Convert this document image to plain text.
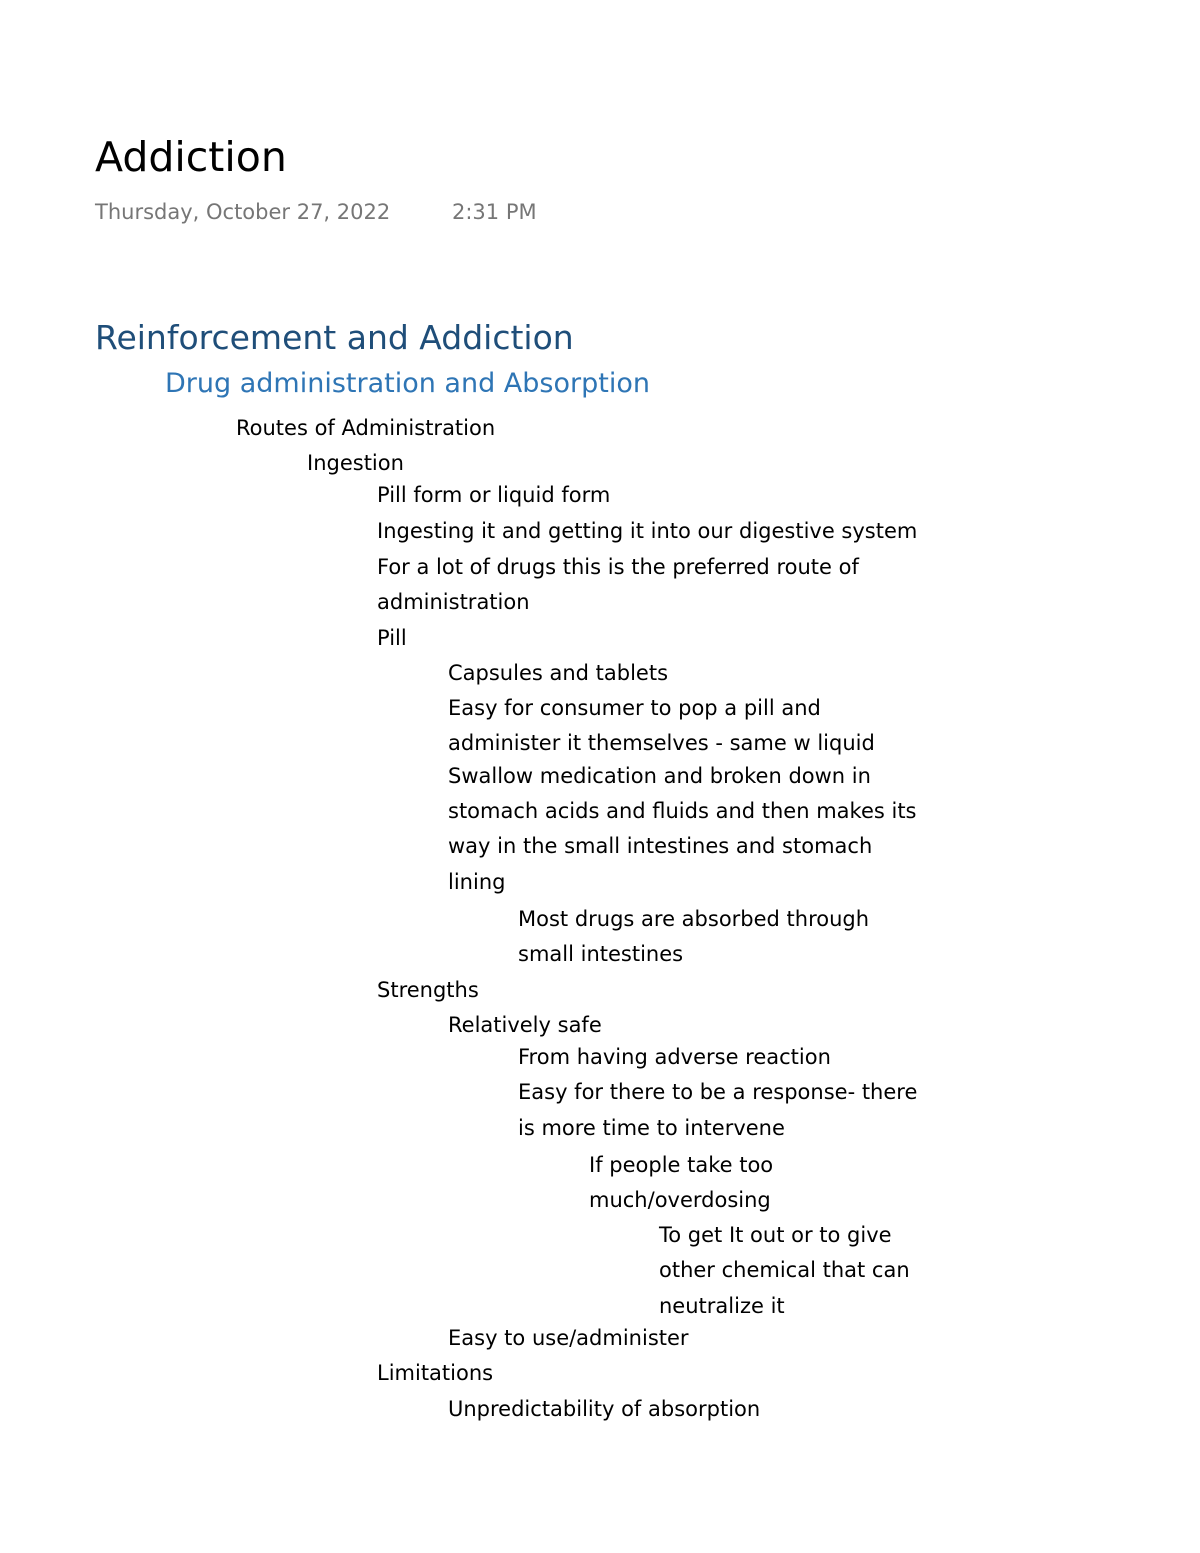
Addiction
Thursday, October 27, 2022	2:31 PM
Reinforcement and Addiction
Drug administration and Absorption
Routes of Administration
Ingestion
Pill form or liquid form
Ingesting it and getting it into our digestive system
For a lot of drugs this is the preferred route of
administration
Pill
Capsules and tablets
Easy for consumer to pop a pill and
administer it themselves - same w liquid
Swallow medication and broken down in
stomach acids and fluids and then makes its
way in the small intestines and stomach
lining
Most drugs are absorbed through
small intestines
Strengths
Relatively safe
From having adverse reaction
Easy for there to be a response- there
is more time to intervene
If people take too
much/overdosing
To get It out or to give
other chemical that can
neutralize it
Easy to use/administer
Limitations
Unpredictability of absorption
